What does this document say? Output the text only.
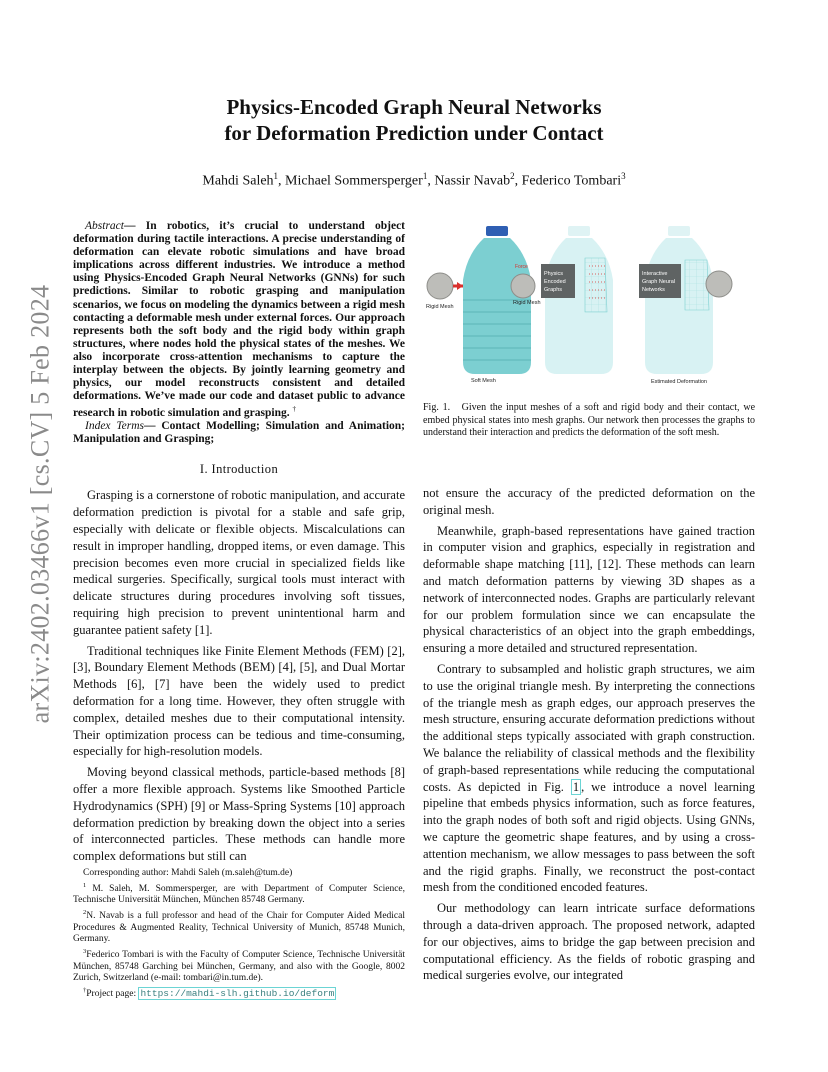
arXiv:2402.03466v1 [cs.CV] 5 Feb 2024
Physics-Encoded Graph Neural Networks
for Deformation Prediction under Contact

Mahdi Saleh$^1$, Michael Sommersperger$^1$, Nassir Navab$^2$, Federico Tombari$^3$

Abstract— In robotics, it’s crucial to understand object deformation during tactile interactions. A precise understanding of deformation can elevate robotic simulations and have broad implications across different industries. We introduce a method using Physics-Encoded Graph Neural Networks (GNNs) for such predictions. Similar to robotic grasping and manipulation scenarios, we focus on modeling the dynamics between a rigid mesh contacting a deformable mesh under external forces. Our approach represents both the soft body and the rigid body within graph structures, where nodes hold the physical states of the meshes. We also incorporate cross-attention mechanisms to capture the interplay between the objects. By jointly learning geometry and physics, our model reconstructs consistent and detailed deformations. We’ve made our code and dataset public to advance research in robotic simulation and grasping. †

Index Terms— Contact Modelling; Simulation and Animation; Manipulation and Grasping;

I. Introduction

Grasping is a cornerstone of robotic manipulation, and accurate deformation prediction is pivotal for a stable and safe grip, especially with delicate or flexible objects. Miscalculations can result in improper handling, dropped items, or even damage. This precision becomes even more crucial in specialized fields like medical surgeries. Specifically, surgical tools must interact with delicate structures during procedures involving soft tissues, requiring high precision to prevent unintentional harm and guarantee patient safety [1].

Traditional techniques like Finite Element Methods (FEM) [2], [3], Boundary Element Methods (BEM) [4], [5], and Dual Mortar Methods [6], [7] have been the widely used to predict deformation for a long time. However, they often struggle with complex, detailed meshes due to their computational intensity. Their optimization process can be tedious and time-consuming, especially for high-resolution models.

Moving beyond classical methods, particle-based methods [8] offer a more flexible approach. Systems like Smoothed Particle Hydrodynamics (SPH) [9] or Mass-Spring Systems [10] approach deformation prediction by breaking down the object into a series of interconnected particles. These methods can handle more complex deformations but still can

Corresponding author: Mahdi Saleh (m.saleh@tum.de)

$^1$ M. Saleh, M. Sommersperger, are with Department of Computer Science, Technische Universität München, München 85748 Germany.

$^2$N. Navab is a full professor and head of the Chair for Computer Aided Medical Procedures & Augmented Reality, Technical University of Munich, 85748 Munich, Germany.

$^3$Federico Tombari is with the Faculty of Computer Science, Technische Universität München, 85748 Garching bei München, Germany, and also with the Google, 8002 Zurich, Switzerland (e-mail: tombari@in.tum.de).

†Project page: https://mahdi-slh.github.io/deform

Force
Physics
Encoded
Graphs
Interactive
Graph Neural
Networks
Rigid Mesh
Rigid Mesh
Soft Mesh	Estimated Deformation

Fig. 1. Given the input meshes of a soft and rigid body and their contact, we embed physical states into mesh graphs. Our network then processes the graphs to understand their interaction and predicts the deformation of the soft mesh.

not ensure the accuracy of the predicted deformation on the original mesh.

Meanwhile, graph-based representations have gained traction in computer vision and graphics, especially in registration and deformable shape matching [11], [12]. These methods can learn and match deformation patterns by viewing 3D shapes as a network of interconnected nodes. Graphs are particularly relevant for our problem formulation since we can encapsulate the physical characteristics of an object into the graph embeddings, ensuring a more detailed and structured representation.

Contrary to subsampled and holistic graph structures, we aim to use the original triangle mesh. By interpreting the connections of the triangle mesh as graph edges, our approach preserves the mesh structure, ensuring accurate deformation predictions without the additional steps typically associated with graph construction. We balance the reliability of classical methods and the flexibility of graph-based representations while reducing the computational costs. As depicted in Fig. 1 , we introduce a novel learning pipeline that embeds physics information, such as force features, into the graph nodes of both soft and rigid objects. Using GNNs, we capture the geometric shape features, and by using a cross-attention mechanism, we allow messages to pass between the soft and the rigid graphs. Finally, we reconstruct the post-contact mesh from the conditioned encoded features.

Our methodology can learn intricate surface deformations through a data-driven approach. The proposed network, adapted for our objectives, aims to bridge the gap between precision and computational efficiency. As the fields of robotic grasping and medical surgeries evolve, our integrated
